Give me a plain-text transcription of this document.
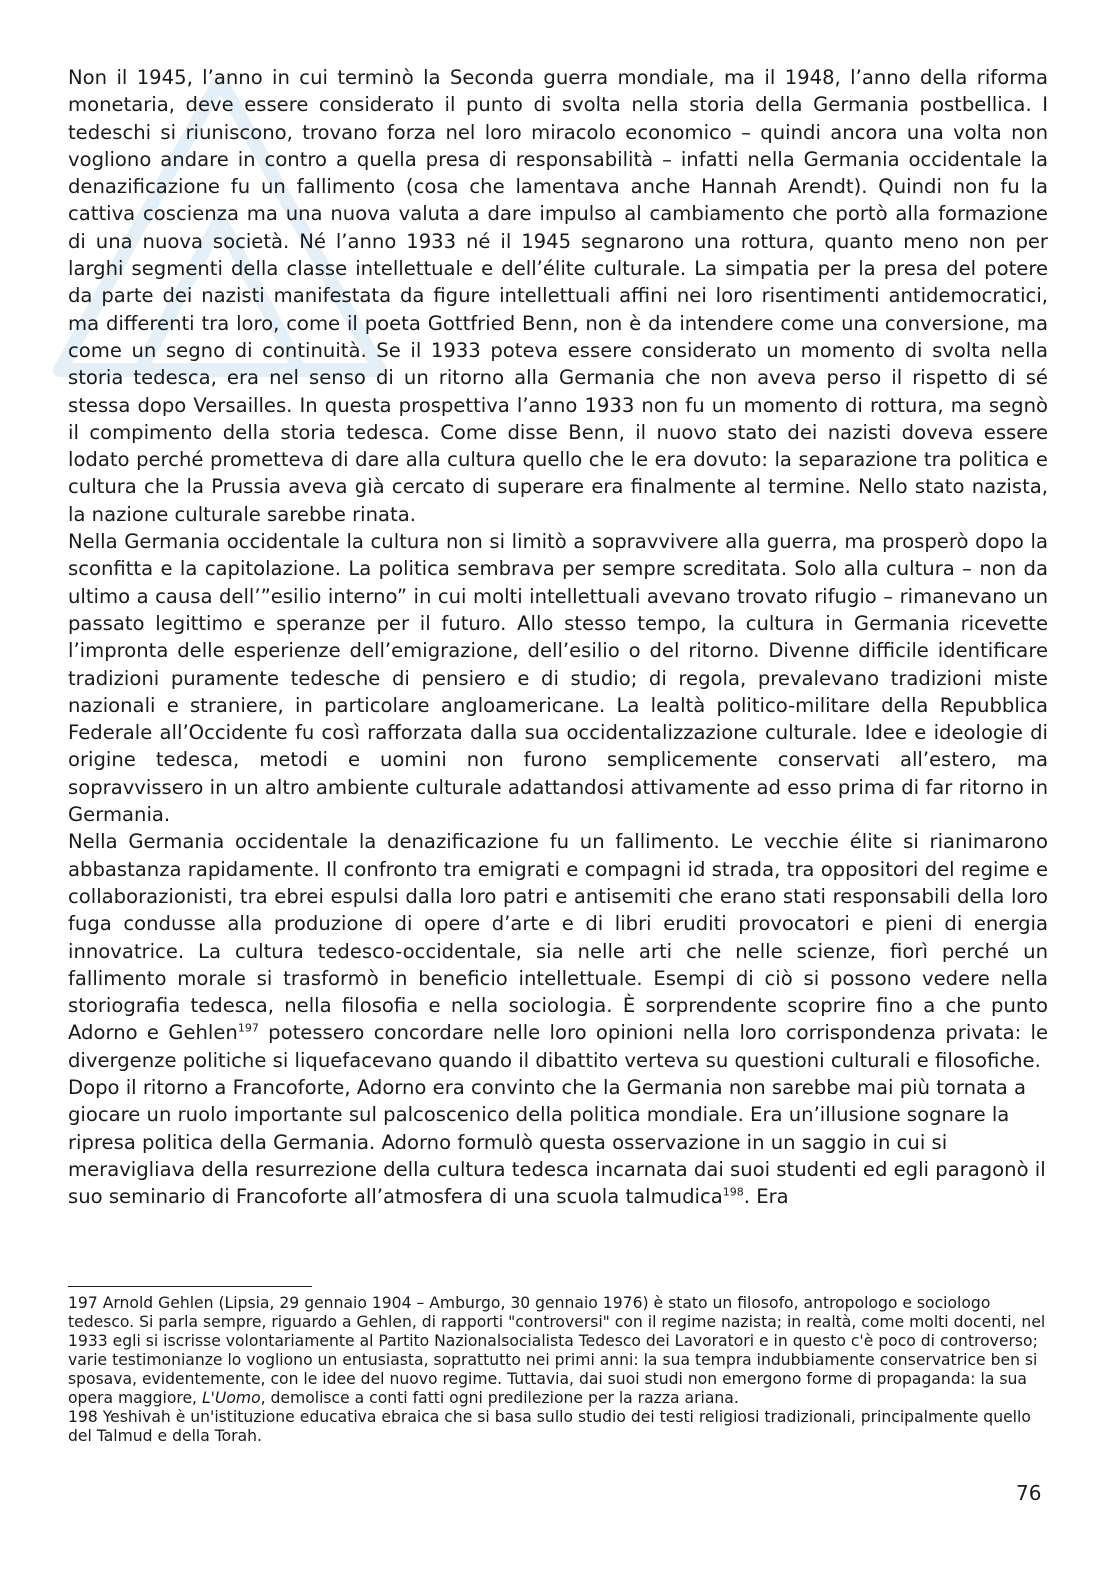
​

Non il 1945, l’anno in cui terminò la Seconda guerra mondiale, ma il 1948, l’anno della riforma monetaria, deve essere considerato il punto di svolta nella storia della Germania postbellica. I tedeschi si riuniscono, trovano forza nel loro miracolo economico – quindi ancora una volta non vogliono andare in contro a quella presa di responsabilità – infatti nella Germania occidentale la denazificazione fu un fallimento (cosa che lamentava anche Hannah Arendt). Quindi non fu la cattiva coscienza ma una nuova valuta a dare impulso al cambiamento che portò alla formazione di una nuova società. Né l’anno 1933 né il 1945 segnarono una rottura, quanto meno non per larghi segmenti della classe intellettuale e dell’élite culturale. La simpatia per la presa del potere da parte dei nazisti manifestata da figure intellettuali affini nei loro risentimenti antidemocratici, ma differenti tra loro, come il poeta Gottfried Benn, non è da intendere come una conversione, ma come un segno di continuità. Se il 1933 poteva essere considerato un momento di svolta nella storia tedesca, era nel senso di un ritorno alla Germania che non aveva perso il rispetto di sé stessa dopo Versailles. In questa prospettiva l’anno 1933 non fu un momento di rottura, ma segnò il compimento della storia tedesca. Come disse Benn, il nuovo stato dei nazisti doveva essere lodato perché prometteva di dare alla cultura quello che le era dovuto: la separazione tra politica e cultura che la Prussia aveva già cercato di superare era finalmente al termine. Nello stato nazista, la nazione culturale sarebbe rinata.

Nella Germania occidentale la cultura non si limitò a sopravvivere alla guerra, ma prosperò dopo la sconfitta e la capitolazione. La politica sembrava per sempre screditata. Solo alla cultura – non da ultimo a causa dell’”esilio interno” in cui molti intellettuali avevano trovato rifugio – rimanevano un passato legittimo e speranze per il futuro. Allo stesso tempo, la cultura in Germania ricevette l’impronta delle esperienze dell’emigrazione, dell’esilio o del ritorno. Divenne difficile identificare tradizioni puramente tedesche di pensiero e di studio; di regola, prevalevano tradizioni miste nazionali e straniere, in particolare angloamericane. La lealtà politico-militare della Repubblica Federale all’Occidente fu così rafforzata dalla sua occidentalizzazione culturale. Idee e ideologie di origine tedesca, metodi e uomini non furono semplicemente conservati all’estero, ma sopravvissero in un altro ambiente culturale adattandosi attivamente ad esso prima di far ritorno in Germania.

Nella Germania occidentale la denazificazione fu un fallimento. Le vecchie élite si rianimarono abbastanza rapidamente. Il confronto tra emigrati e compagni id strada, tra oppositori del regime e collaborazionisti, tra ebrei espulsi dalla loro patri e antisemiti che erano stati responsabili della loro fuga condusse alla produzione di opere d’arte e di libri eruditi provocatori e pieni di energia innovatrice. La cultura tedesco-occidentale, sia nelle arti che nelle scienze, fiorì perché un fallimento morale si trasformò in beneficio intellettuale. Esempi di ciò si possono vedere nella storiografia tedesca, nella filosofia e nella sociologia. È sorprendente scoprire fino a che punto Adorno e Gehlen$^{197}$ potessero concordare nelle loro opinioni nella loro corrispondenza privata: le divergenze politiche si liquefacevano quando il dibattito verteva su questioni culturali e filosofiche.

Dopo il ritorno a Francoforte, Adorno era convinto che la Germania non sarebbe mai più tornata a giocare un ruolo importante sul palcoscenico della politica mondiale. Era un’illusione sognare la ripresa politica della Germania. Adorno formulò questa osservazione in un saggio in cui si meravigliava della resurrezione della cultura tedesca incarnata dai suoi studenti ed egli paragonò il suo seminario di Francoforte all’atmosfera di una scuola talmudica$^{198}$. Era

197 Arnold Gehlen (Lipsia, 29 gennaio 1904 – Amburgo, 30 gennaio 1976) è stato un filosofo, antropologo e sociologo tedesco. Si parla sempre, riguardo a Gehlen, di rapporti "controversi" con il regime nazista; in realtà, come molti docenti, nel 1933 egli si iscrisse volontariamente al Partito Nazionalsocialista Tedesco dei Lavoratori e in questo c'è poco di controverso; varie testimonianze lo vogliono un entusiasta, soprattutto nei primi anni: la sua tempra indubbiamente conservatrice ben si sposava, evidentemente, con le idee del nuovo regime. Tuttavia, dai suoi studi non emergono forme di propaganda: la sua opera maggiore, L'Uomo, demolisce a conti fatti ogni predilezione per la razza ariana.

198 Yeshivah è un'istituzione educativa ebraica che si basa sullo studio dei testi religiosi tradizionali, principalmente quello del Talmud e della Torah.

76
